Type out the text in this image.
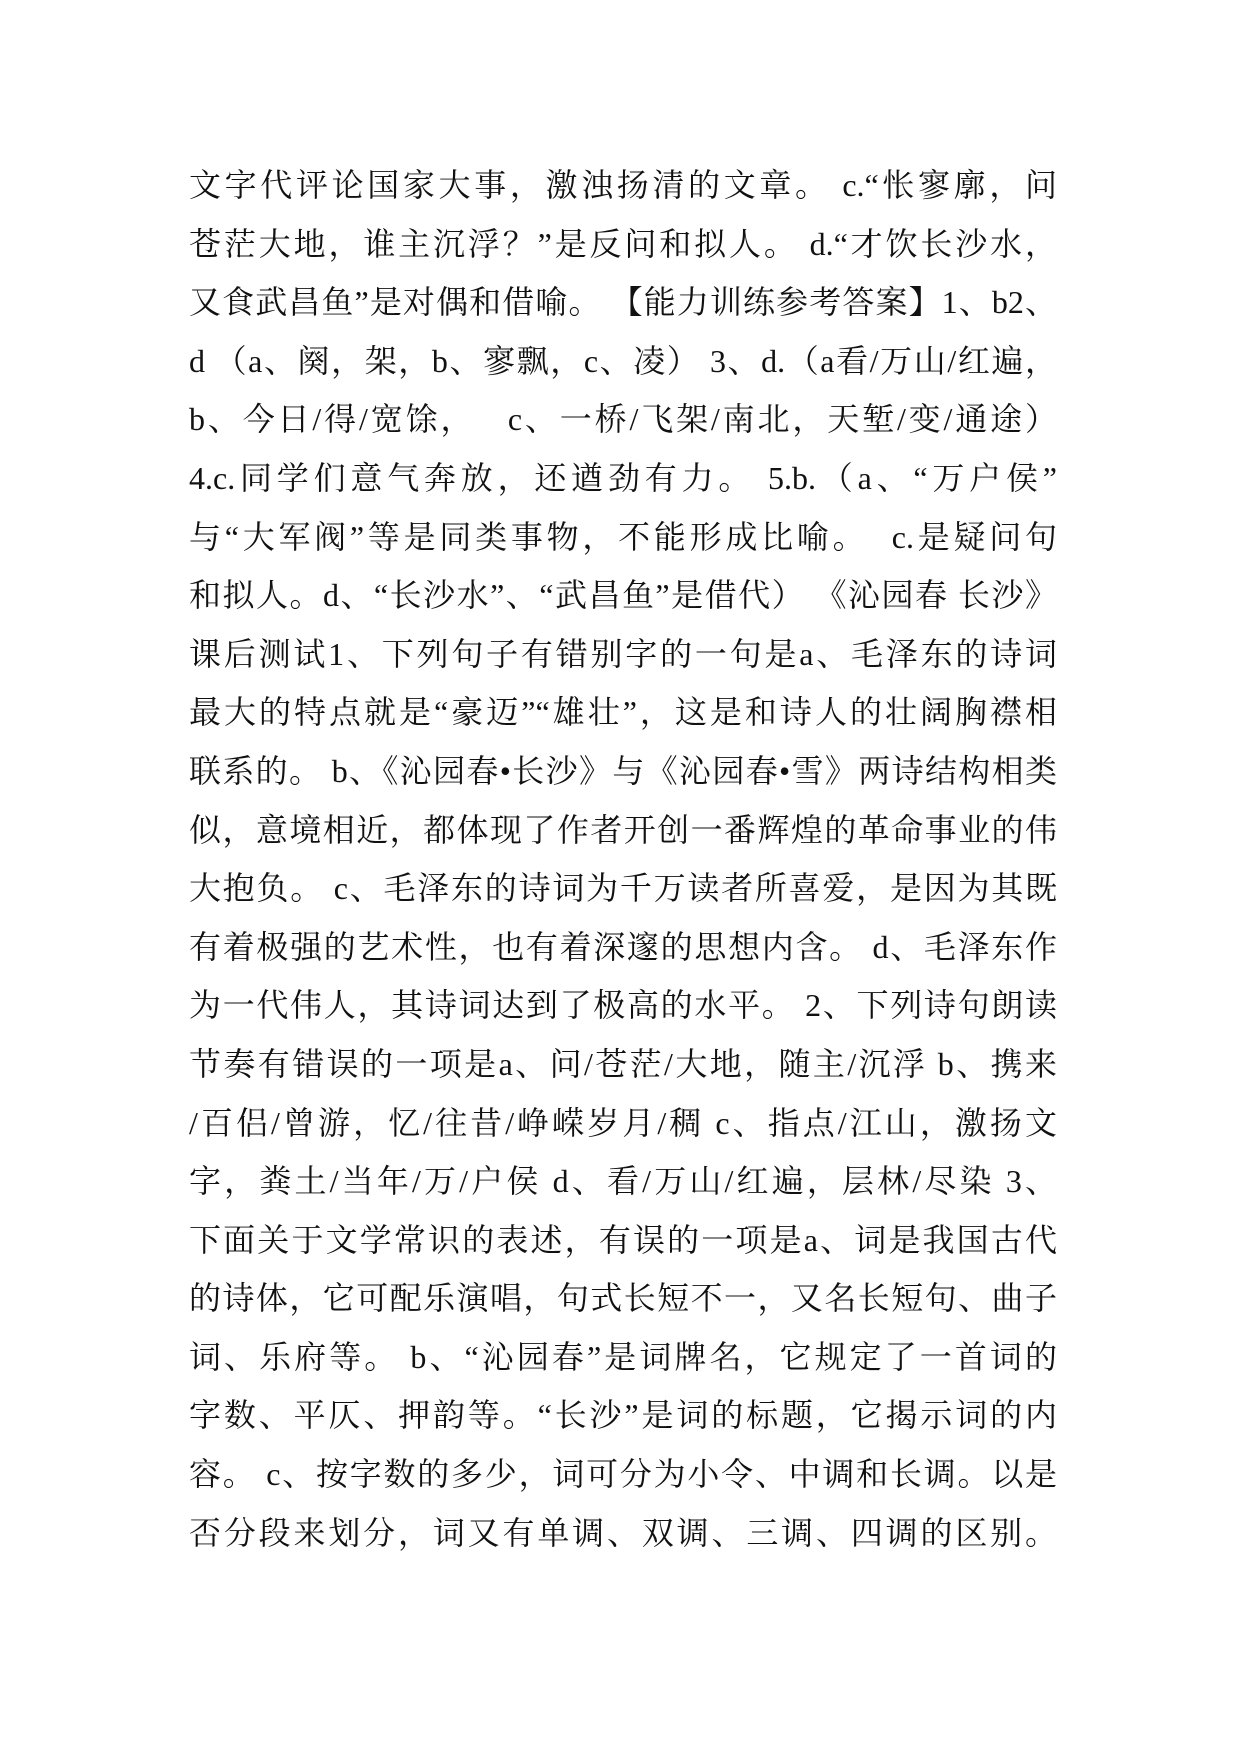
文字代评论国家大事，激浊扬清的文章。 c.“怅寥廓，问
苍茫大地，谁主沉浮？”是反问和拟人。 d.“才饮长沙水，
又食武昌鱼”是对偶和借喻。 【能力训练参考答案】1、b2、
d （a、阕，架，b、寥飘，c、凌） 3、d.（a看/万山/红遍，
b、今日/得/宽馀，   c、一桥/飞架/南北，天堑/变/通途）
4.c.同学们意气奔放，还遒劲有力。 5.b.（a、“万户侯”
与“大军阀”等是同类事物，不能形成比喻。  c.是疑问句
和拟人。d、“长沙水”、“武昌鱼”是借代） 《沁园春 长沙》
课后测试1、下列句子有错别字的一句是a、毛泽东的诗词
最大的特点就是“豪迈”“雄壮”，这是和诗人的壮阔胸襟相
联系的。 b、《沁园春•长沙》与《沁园春•雪》两诗结构相类
似，意境相近，都体现了作者开创一番辉煌的革命事业的伟
大抱负。 c、毛泽东的诗词为千万读者所喜爱，是因为其既
有着极强的艺术性，也有着深邃的思想内含。 d、毛泽东作
为一代伟人，其诗词达到了极高的水平。 2、下列诗句朗读
节奏有错误的一项是a、问/苍茫/大地，随主/沉浮 b、携来
/百侣/曾游，忆/往昔/峥嵘岁月/稠 c、指点/江山，激扬文
字，粪土/当年/万/户侯 d、看/万山/红遍，层林/尽染 3、
下面关于文学常识的表述，有误的一项是a、词是我国古代
的诗体，它可配乐演唱，句式长短不一，又名长短句、曲子
词、乐府等。 b、“沁园春”是词牌名，它规定了一首词的
字数、平仄、押韵等。“长沙”是词的标题，它揭示词的内
容。 c、按字数的多少，词可分为小令、中调和长调。以是
否分段来划分，词又有单调、双调、三调、四调的区别。
